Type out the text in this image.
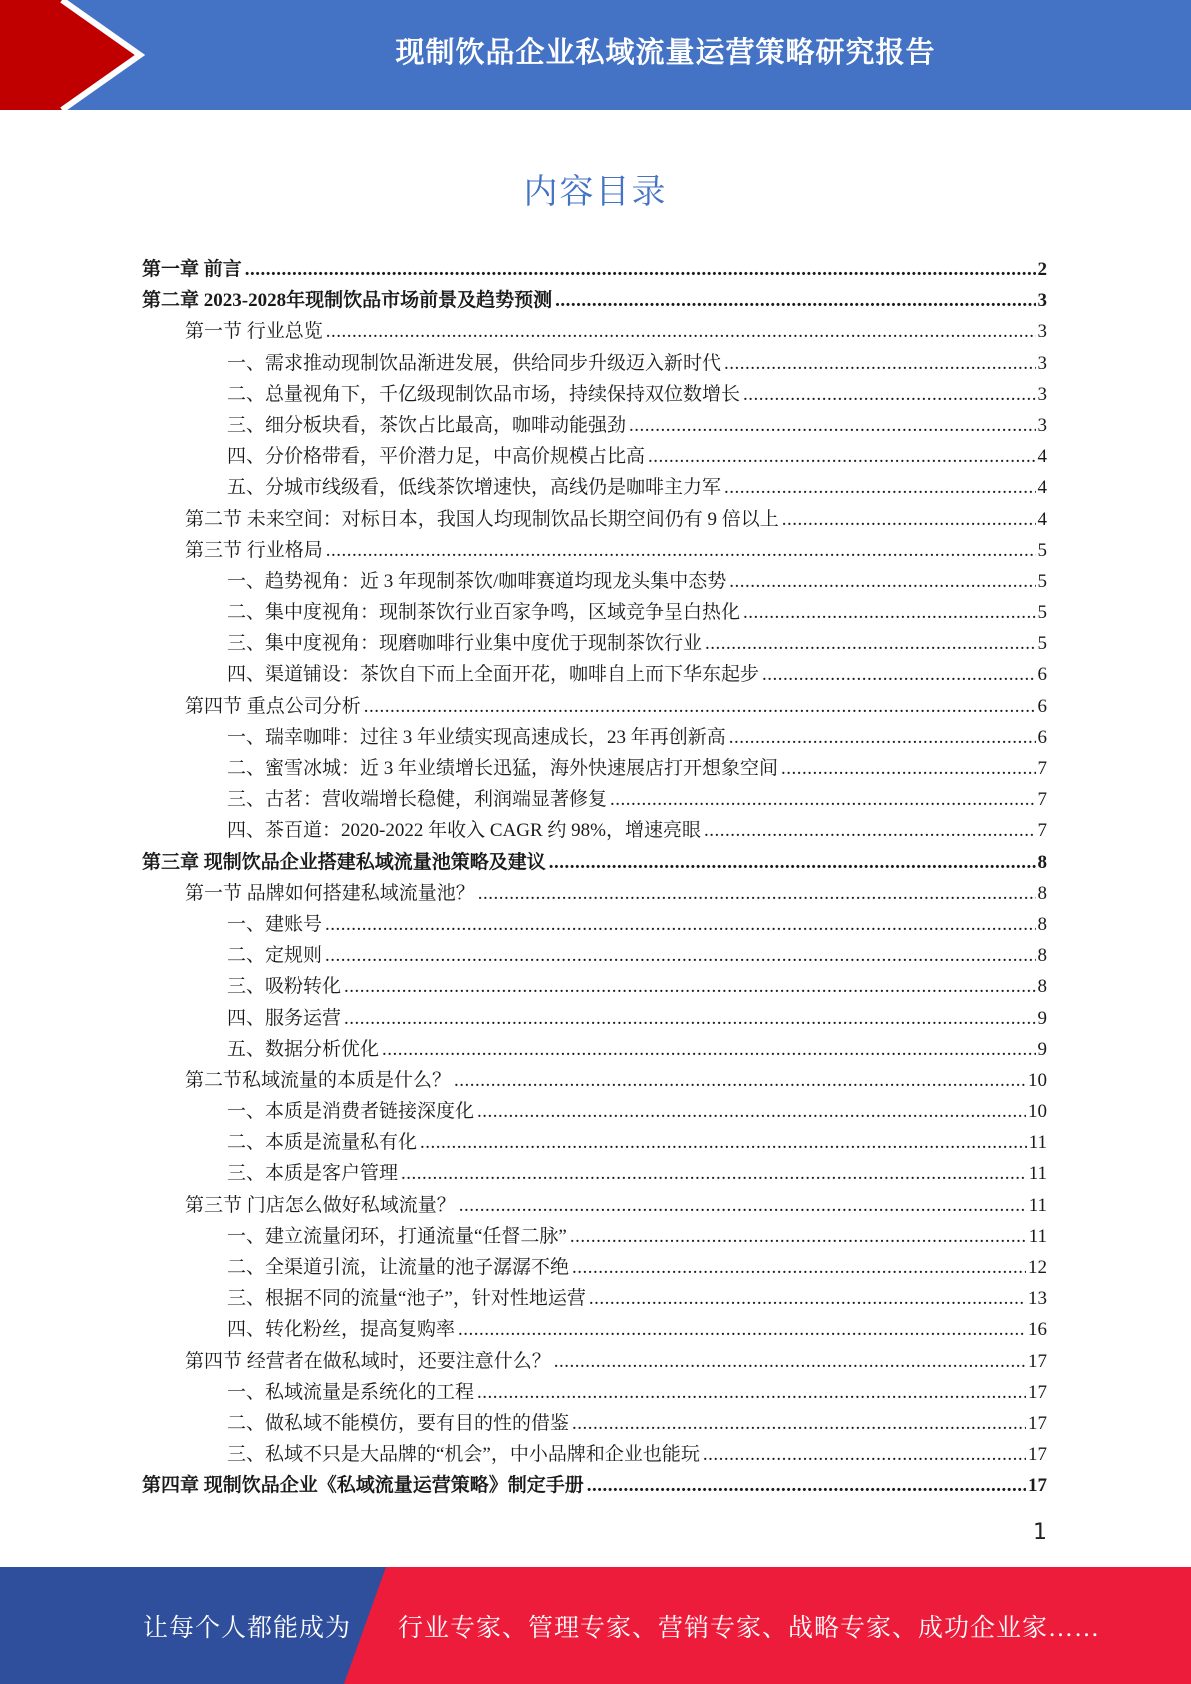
现制饮品企业私域流量运营策略研究报告
内容目录
第一章 前言 .....	2
第二章 2023-2028年现制饮品市场前景及趋势预测 .....	3
第一节 行业总览 .....	3
一、需求推动现制饮品渐进发展，供给同步升级迈入新时代 .....	3
二、总量视角下，千亿级现制饮品市场，持续保持双位数增长 .....	3
三、细分板块看，茶饮占比最高，咖啡动能强劲 .....	3
四、分价格带看，平价潜力足，中高价规模占比高 .....	4
五、分城市线级看，低线茶饮增速快，高线仍是咖啡主力军 .....	4
第二节 未来空间：对标日本，我国人均现制饮品长期空间仍有 9 倍以上 .....	4
第三节 行业格局 .....	5
一、趋势视角：近 3 年现制茶饮/咖啡赛道均现龙头集中态势 .....	5
二、集中度视角：现制茶饮行业百家争鸣，区域竞争呈白热化 .....	5
三、集中度视角：现磨咖啡行业集中度优于现制茶饮行业 .....	5
四、渠道铺设：茶饮自下而上全面开花，咖啡自上而下华东起步 .....	6
第四节 重点公司分析 .....	6
一、瑞幸咖啡：过往 3 年业绩实现高速成长，23 年再创新高 .....	6
二、蜜雪冰城：近 3 年业绩增长迅猛，海外快速展店打开想象空间 .....	7
三、古茗：营收端增长稳健，利润端显著修复 .....	7
四、茶百道：2020-2022 年收入 CAGR 约 98%，增速亮眼 .....	7
第三章 现制饮品企业搭建私域流量池策略及建议 .....	8
第一节 品牌如何搭建私域流量池？ .....	8
一、建账号 .....	8
二、定规则 .....	8
三、吸粉转化 .....	8
四、服务运营 .....	9
五、数据分析优化 .....	9
第二节私域流量的本质是什么？ .....	10
一、本质是消费者链接深度化 .....	10
二、本质是流量私有化 .....	11
三、本质是客户管理 .....	11
第三节 门店怎么做好私域流量？ .....	11
一、建立流量闭环，打通流量“任督二脉” .....	11
二、全渠道引流，让流量的池子潺潺不绝 .....	12
三、根据不同的流量“池子”，针对性地运营 .....	13
四、转化粉丝，提高复购率 .....	16
第四节 经营者在做私域时，还要注意什么？ .....	17
一、私域流量是系统化的工程 .....	17
二、做私域不能模仿，要有目的性的借鉴 .....	17
三、私域不只是大品牌的“机会”，中小品牌和企业也能玩 .....	17
第四章 现制饮品企业《私域流量运营策略》制定手册 .....	17
1
让每个人都能成为 行业专家、管理专家、营销专家、战略专家、成功企业家……
